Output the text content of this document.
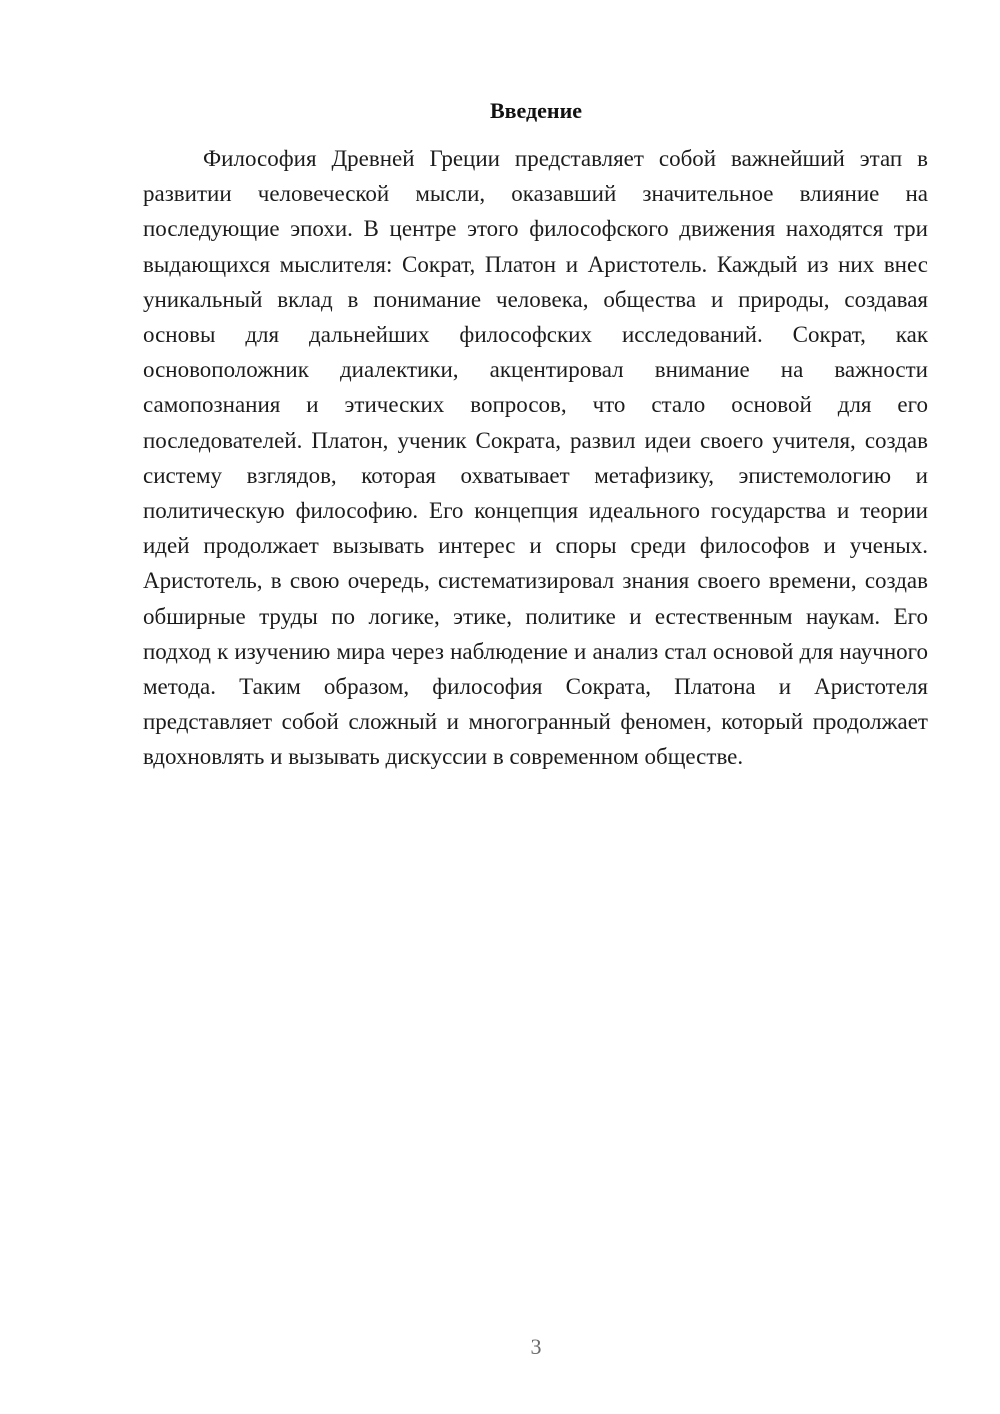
Введение

Философия Древней Греции представляет собой важнейший этап в развитии человеческой мысли, оказавший значительное влияние на последующие эпохи. В центре этого философского движения находятся три выдающихся мыслителя: Сократ, Платон и Аристотель. Каждый из них внес уникальный вклад в понимание человека, общества и природы, создавая основы для дальнейших философских исследований. Сократ, как основоположник диалектики, акцентировал внимание на важности самопознания и этических вопросов, что стало основой для его последователей. Платон, ученик Сократа, развил идеи своего учителя, создав систему взглядов, которая охватывает метафизику, эпистемологию и политическую философию. Его концепция идеального государства и теории идей продолжает вызывать интерес и споры среди философов и ученых. Аристотель, в свою очередь, систематизировал знания своего времени, создав обширные труды по логике, этике, политике и естественным наукам. Его подход к изучению мира через наблюдение и анализ стал основой для научного метода. Таким образом, философия Сократа, Платона и Аристотеля представляет собой сложный и многогранный феномен, который продолжает вдохновлять и вызывать дискуссии в современном обществе.

3
